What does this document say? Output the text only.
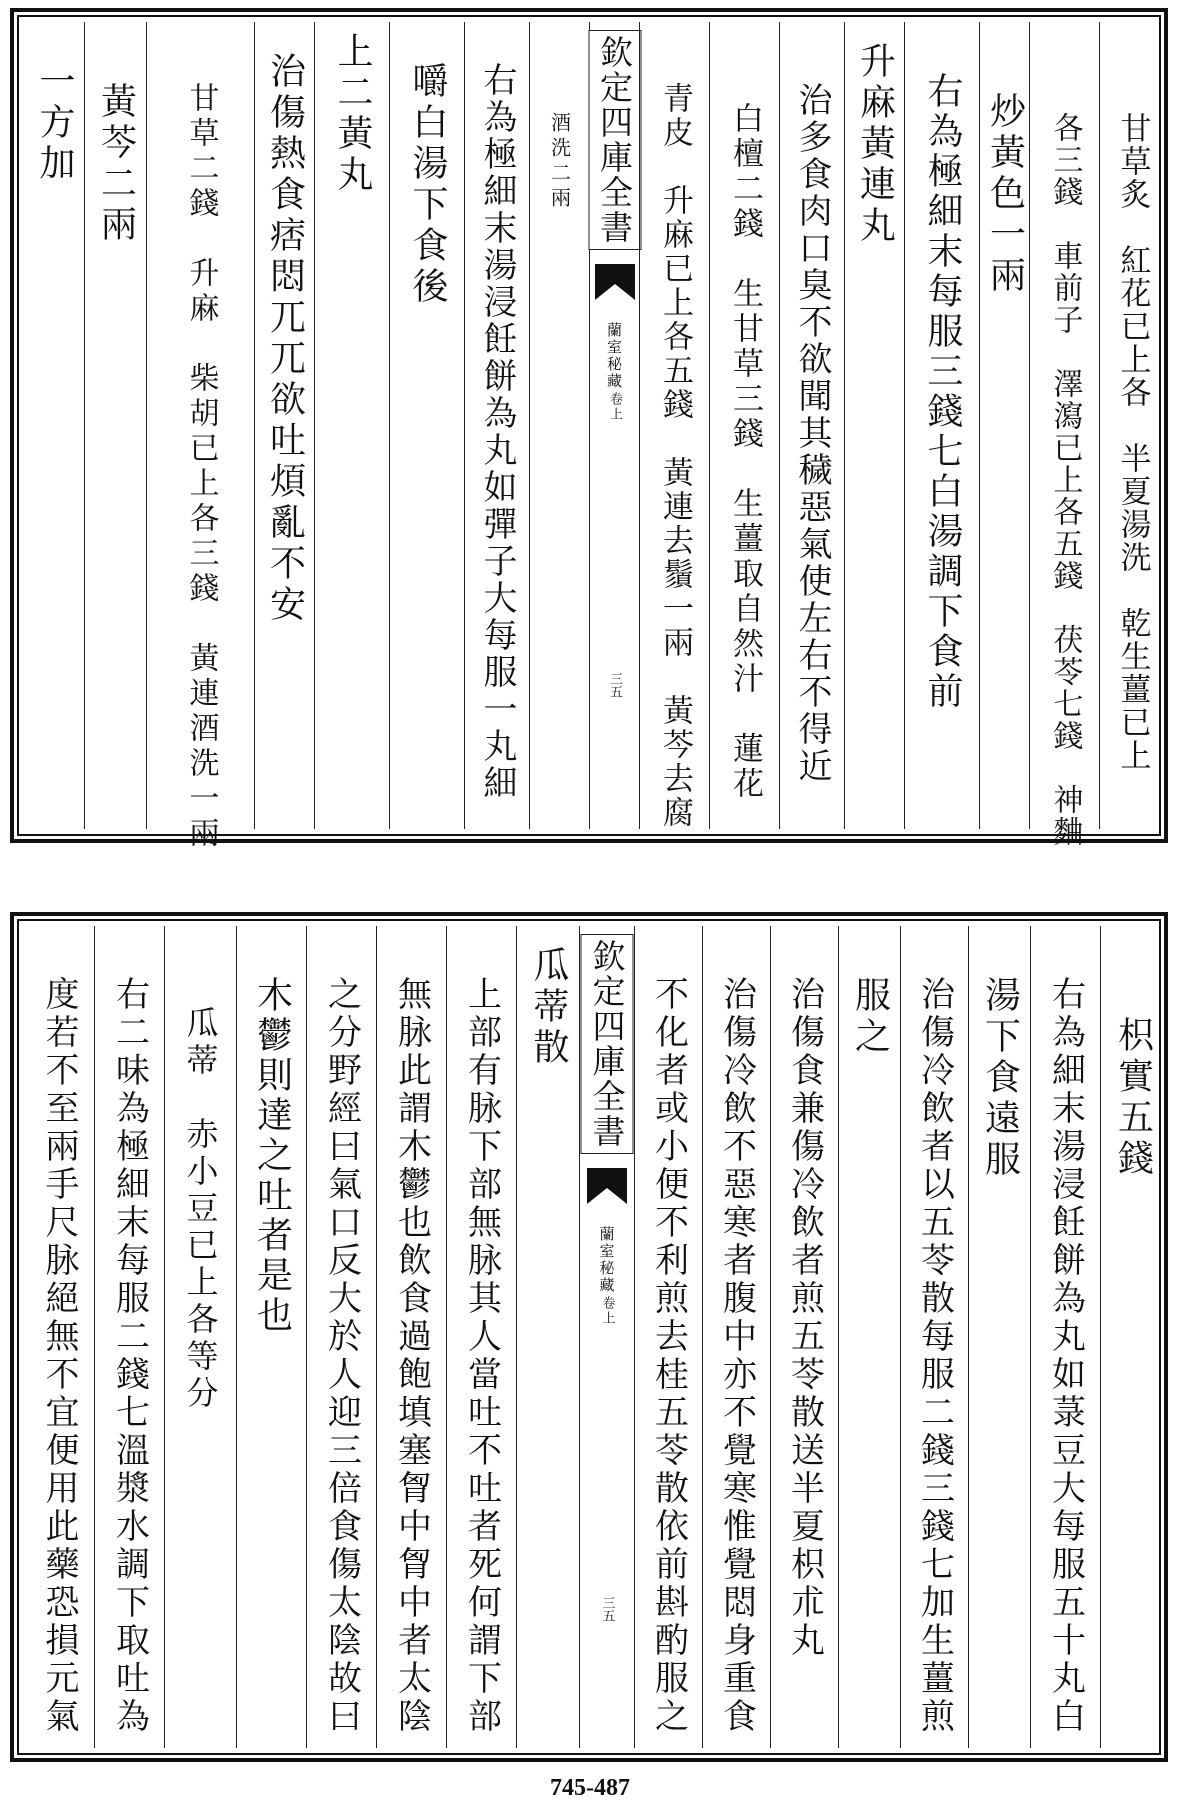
一方加 黃芩二兩 甘草二錢　升麻　柴胡已上各三錢　黃連酒洗一兩 治傷熱食痞悶兀兀欲吐煩亂不安 上二黃丸 嚼白湯下食後 右為極細末湯浸飪餅為丸如彈子大每服一丸細 酒洗二兩 欽定四庫全書
蘭室秘藏
卷上
三五 青皮　升麻已上各五錢　黃連去鬚一兩　黃芩去腐 白檀二錢　生甘草三錢　生薑取自然汁　蓮花 治多食肉口臭不欲聞其穢惡氣使左右不得近 升麻黃連丸 右為極細末每服三錢七白湯調下食前 炒黃色一兩 各三錢　車前子　澤瀉已上各五錢　茯苓七錢　神麯 甘草炙　紅花已上各　半夏湯洗　乾生薑已上
度若不至兩手尺脉絕無不宜便用此藥恐損元氣 右二味為極細末每服二錢七溫漿水調下取吐為 瓜蒂　赤小豆已上各等分 木鬱則達之吐者是也 之分野經曰氣口反大於人迎三倍食傷太陰故曰 無脉此謂木鬱也飲食過飽填塞胷中胷中者太陰 上部有脉下部無脉其人當吐不吐者死何謂下部 瓜蒂散 欽定四庫全書
蘭室秘藏
卷上
三五 不化者或小便不利煎去桂五苓散依前斟酌服之 治傷冷飲不惡寒者腹中亦不覺寒惟覺悶身重食 治傷食兼傷冷飲者煎五苓散送半夏枳朮丸 服之 治傷冷飲者以五苓散每服二錢三錢七加生薑煎 湯下食遠服 右為細末湯浸飪餅為丸如菉豆大每服五十丸白 枳實五錢
745-487
